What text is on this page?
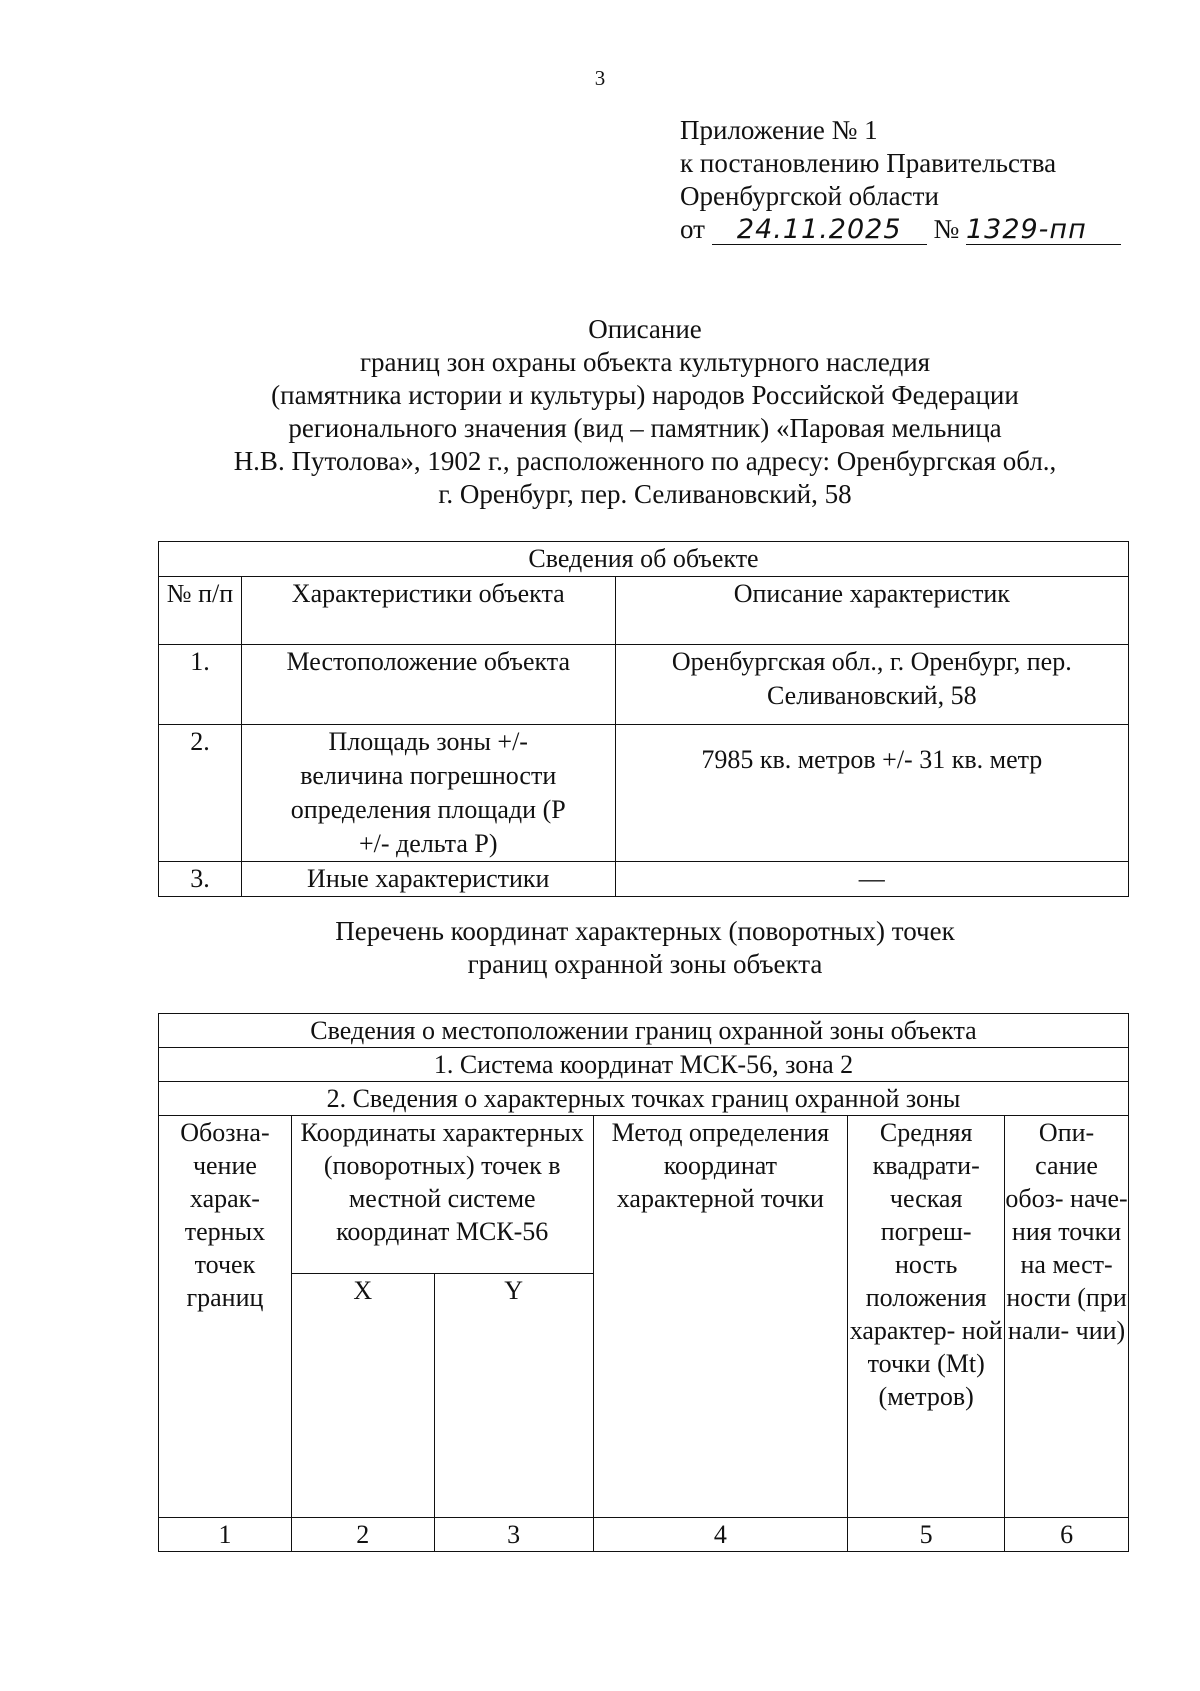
3
Приложение № 1
к постановлению Правительства
Оренбургской области
от 24.11.2025 № 1329-пп
Описание
границ зон охраны объекта культурного наследия
(памятника истории и культуры) народов Российской Федерации
регионального значения (вид – памятник) «Паровая мельница
Н.В. Путолова», 1902 г., расположенного по адресу: Оренбургская обл.,
г. Оренбург, пер. Селивановский, 58
Сведения об объекте		
№ п/п	Характеристики объекта	Описание характеристик
1.	Местоположение объекта	Оренбургская обл., г. Оренбург, пер. Селивановский, 58
2.	Площадь зоны +/- величина погрешности определения площади (Р +/- дельта Р)	7985 кв. метров +/- 31 кв. метр
3.	Иные характеристики	—
Перечень координат характерных (поворотных) точек
границ охранной зоны объекта
Сведения о местоположении границ охранной зоны объекта					
1. Система координат МСК-56, зона 2					
2. Сведения о характерных точках границ охранной зоны					
Обозна- чение харак- терных точек границ	Координаты характерных (поворотных) точек в местной системе координат МСК-56		Метод определения координат характерной точки	Средняя квадрати- ческая погреш- ность положения характер- ной точки (Mt) (метров)	Опи- сание обоз- наче- ния точки на мест- ности (при нали- чии)
	X	Y			
1	2	3	4	5	6
